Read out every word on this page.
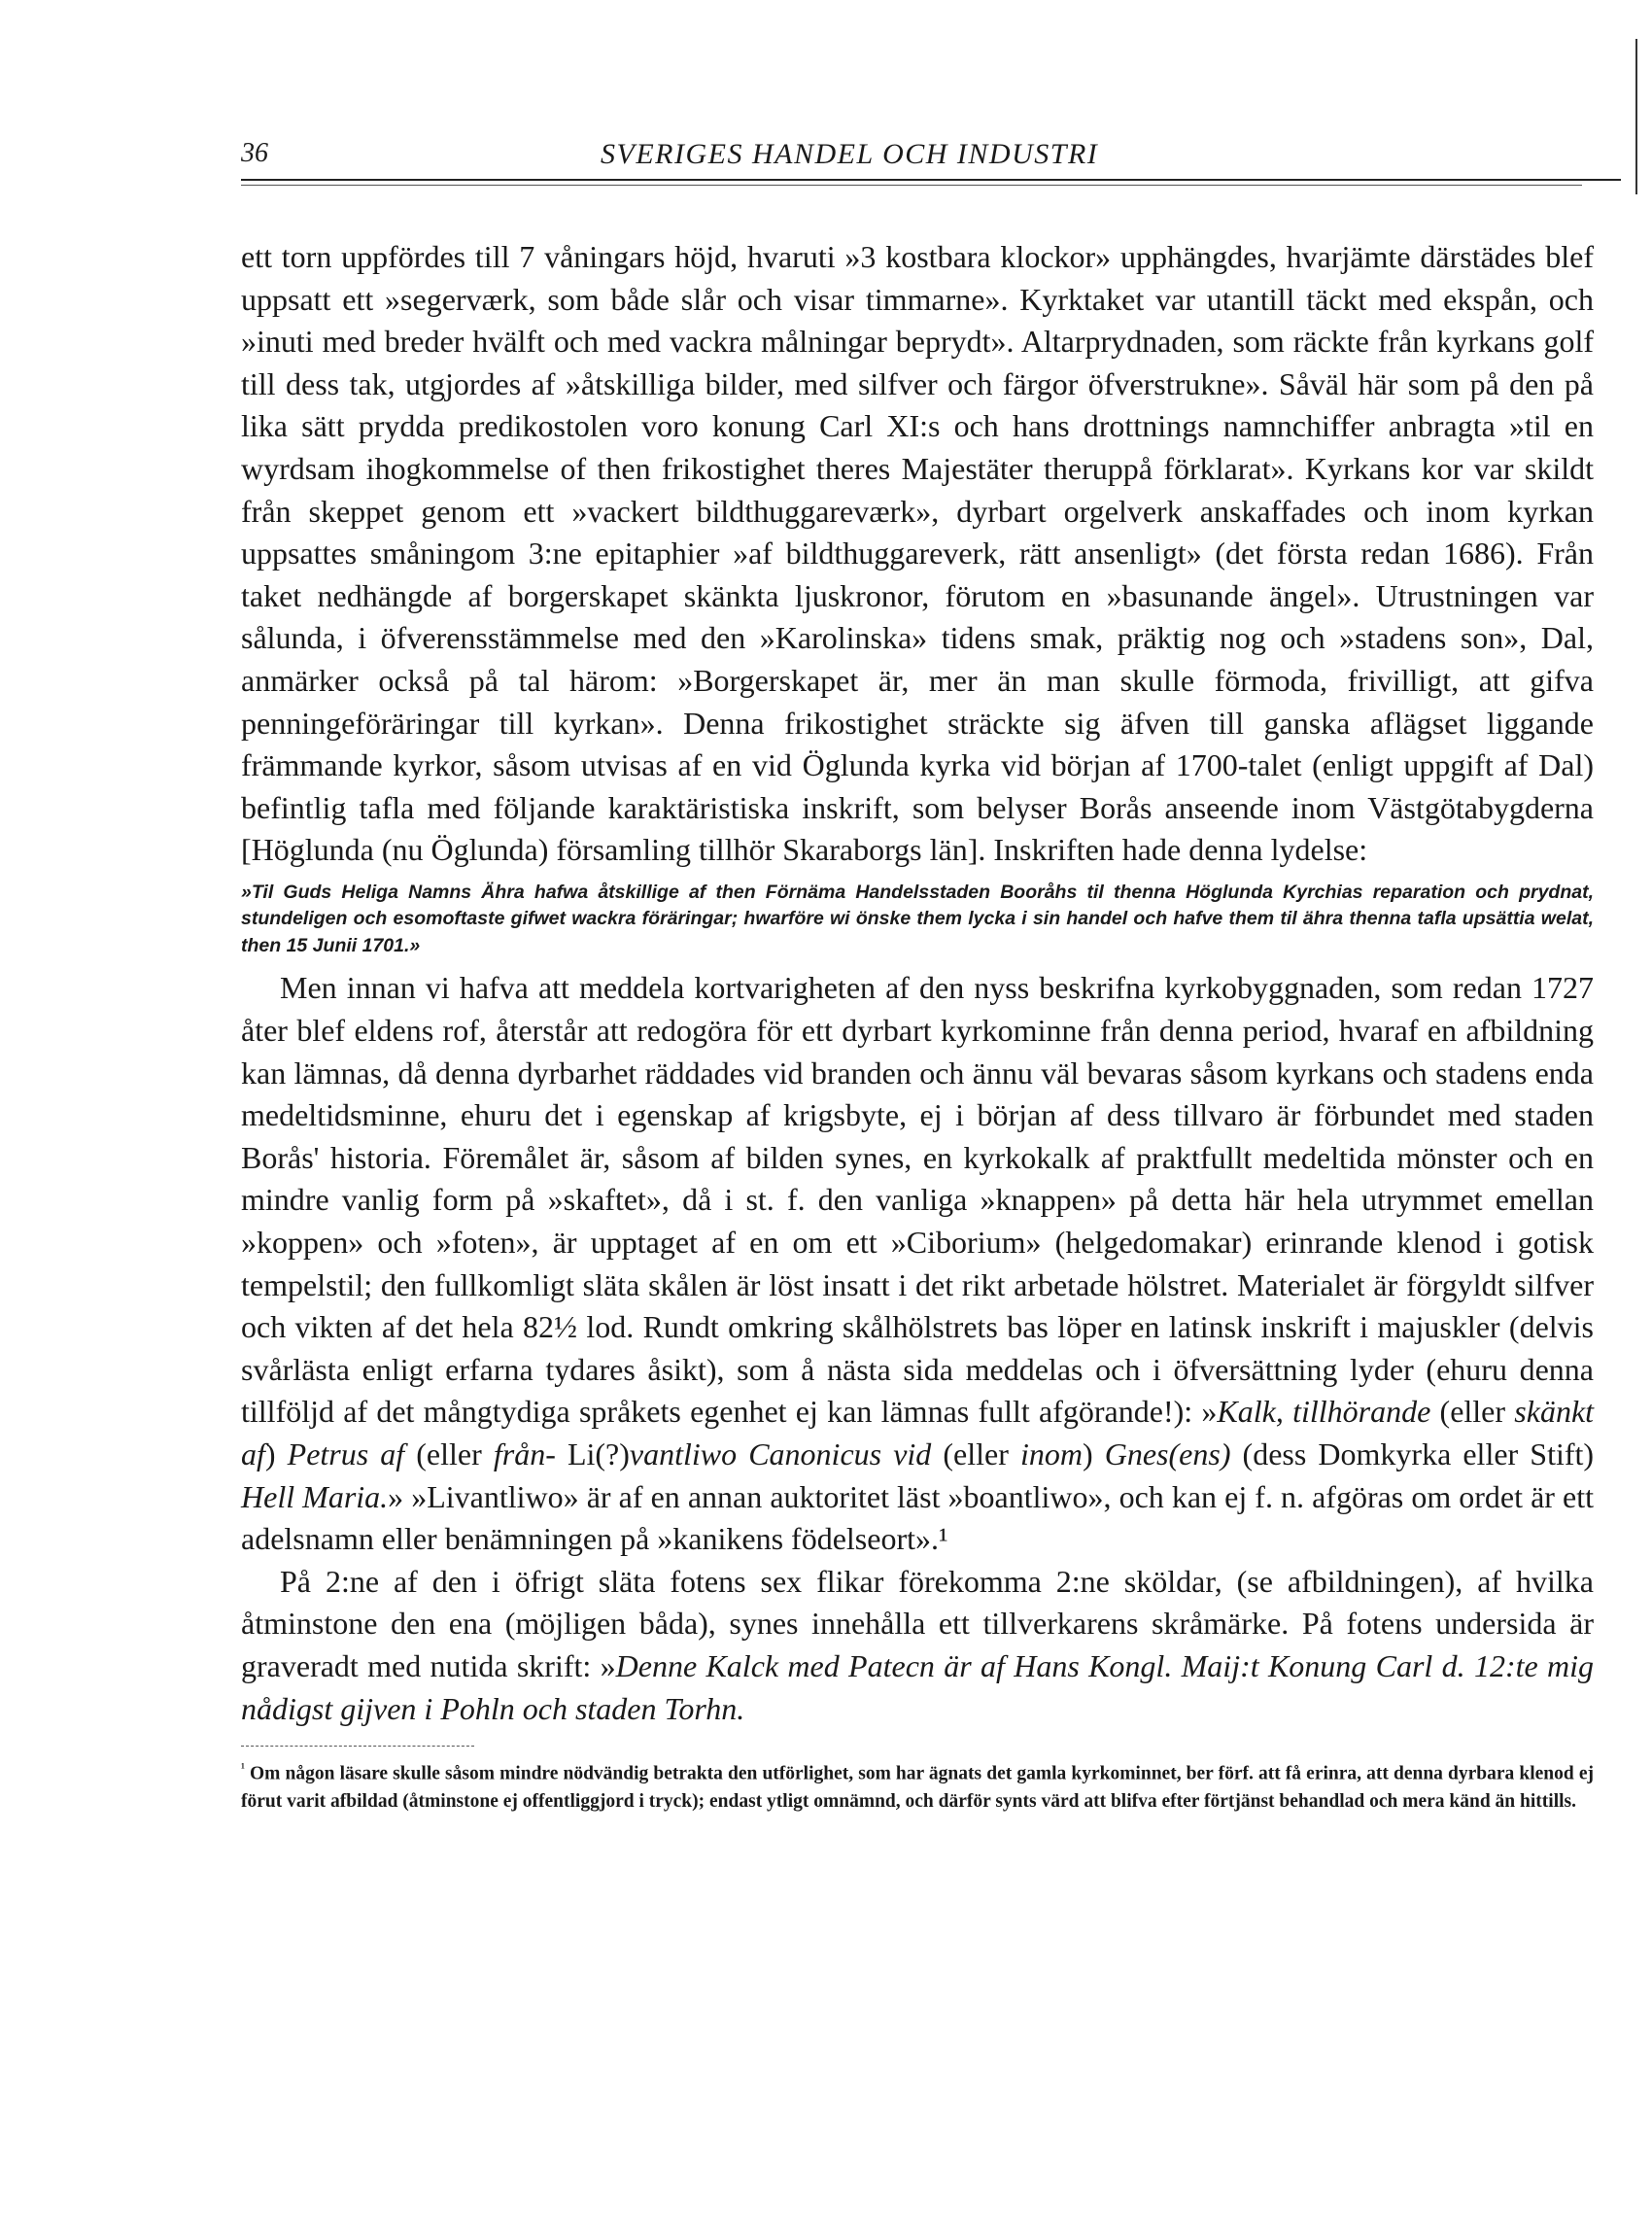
36	SVERIGES HANDEL OCH INDUSTRI

ett torn uppfördes till 7 våningars höjd, hvaruti »3 kostbara klockor» upphängdes, hvarjämte därstädes blef uppsatt ett »segerværk, som både slår och visar timmarne». Kyrktaket var utantill täckt med ekspån, och »inuti med breder hvälft och med vackra målningar beprydt». Altarprydnaden, som räckte från kyrkans golf till dess tak, utgjordes af »åtskilliga bilder, med silfver och färgor öfverstrukne». Såväl här som på den på lika sätt prydda predikostolen voro konung Carl XI:s och hans drottnings namnchiffer anbragta »til en wyrdsam ihogkommelse of then frikostighet theres Majestäter theruppå förklarat». Kyrkans kor var skildt från skeppet genom ett »vackert bildthuggareværk», dyrbart orgelverk anskaffades och inom kyrkan uppsattes småningom 3:ne epitaphier »af bildthuggareverk, rätt ansenligt» (det första redan 1686). Från taket nedhängde af borgerskapet skänkta ljuskronor, förutom en »basunande ängel». Utrustningen var sålunda, i öfverensstämmelse med den »Karolinska» tidens smak, präktig nog och »stadens son», Dal, anmärker också på tal härom: »Borgerskapet är, mer än man skulle förmoda, frivilligt, att gifva penningeföräringar till kyrkan». Denna frikostighet sträckte sig äfven till ganska aflägset liggande främmande kyrkor, såsom utvisas af en vid Öglunda kyrka vid början af 1700-talet (enligt uppgift af Dal) befintlig tafla med följande karaktäristiska inskrift, som belyser Borås anseende inom Västgötabygderna [Höglunda (nu Öglunda) församling tillhör Skaraborgs län]. Inskriften hade denna lydelse:

»Til Guds Heliga Namns Ähra hafwa åtskillige af then Förnäma Handelsstaden Booråhs til thenna Höglunda Kyrchias reparation och prydnat, stundeligen och esomoftaste gifwet wackra föräringar; hwarföre wi önske them lycka i sin handel och hafve them til ähra thenna tafla upsättia welat, then 15 Junii 1701.»

Men innan vi hafva att meddela kortvarigheten af den nyss beskrifna kyrkobyggnaden, som redan 1727 åter blef eldens rof, återstår att redogöra för ett dyrbart kyrkominne från denna period, hvaraf en afbildning kan lämnas, då denna dyrbarhet räddades vid branden och ännu väl bevaras såsom kyrkans och stadens enda medeltidsminne, ehuru det i egenskap af krigsbyte, ej i början af dess tillvaro är förbundet med staden Borås' historia. Föremålet är, såsom af bilden synes, en kyrkokalk af praktfullt medeltida mönster och en mindre vanlig form på »skaftet», då i st. f. den vanliga »knappen» på detta här hela utrymmet emellan »koppen» och »foten», är upptaget af en om ett »Ciborium» (helgedomakar) erinrande klenod i gotisk tempelstil; den fullkomligt släta skålen är löst insatt i det rikt arbetade hölstret. Materialet är förgyldt silfver och vikten af det hela 82½ lod. Rundt omkring skålhölstrets bas löper en latinsk inskrift i majuskler (delvis svårlästa enligt erfarna tydares åsikt), som å nästa sida meddelas och i öfversättning lyder (ehuru denna tillföljd af det mångtydiga språkets egenhet ej kan lämnas fullt afgörande!): »Kalk, tillhörande (eller skänkt af) Petrus af (eller från- Li(?)vantliwo Canonicus vid (eller inom) Gnes(ens) (dess Domkyrka eller Stift) Hell Maria.» »Livantliwo» är af en annan auktoritet läst »boantliwo», och kan ej f. n. afgöras om ordet är ett adelsnamn eller benämningen på »kanikens födelseort».¹

På 2:ne af den i öfrigt släta fotens sex flikar förekomma 2:ne sköldar, (se afbildningen), af hvilka åtminstone den ena (möjligen båda), synes innehålla ett tillverkarens skråmärke. På fotens undersida är graveradt med nutida skrift: »Denne Kalck med Patecn är af Hans Kongl. Maij:t Konung Carl d. 12:te mig nådigst gijven i Pohln och staden Torhn.

$^{^1}$ Om någon läsare skulle såsom mindre nödvändig betrakta den utförlighet, som har ägnats det gamla kyrkominnet, ber förf. att få erinra, att denna dyrbara klenod ej förut varit afbildad (åtminstone ej offentliggjord i tryck); endast ytligt omnämnd, och därför synts värd att blifva efter förtjänst behandlad och mera känd än hittills.
